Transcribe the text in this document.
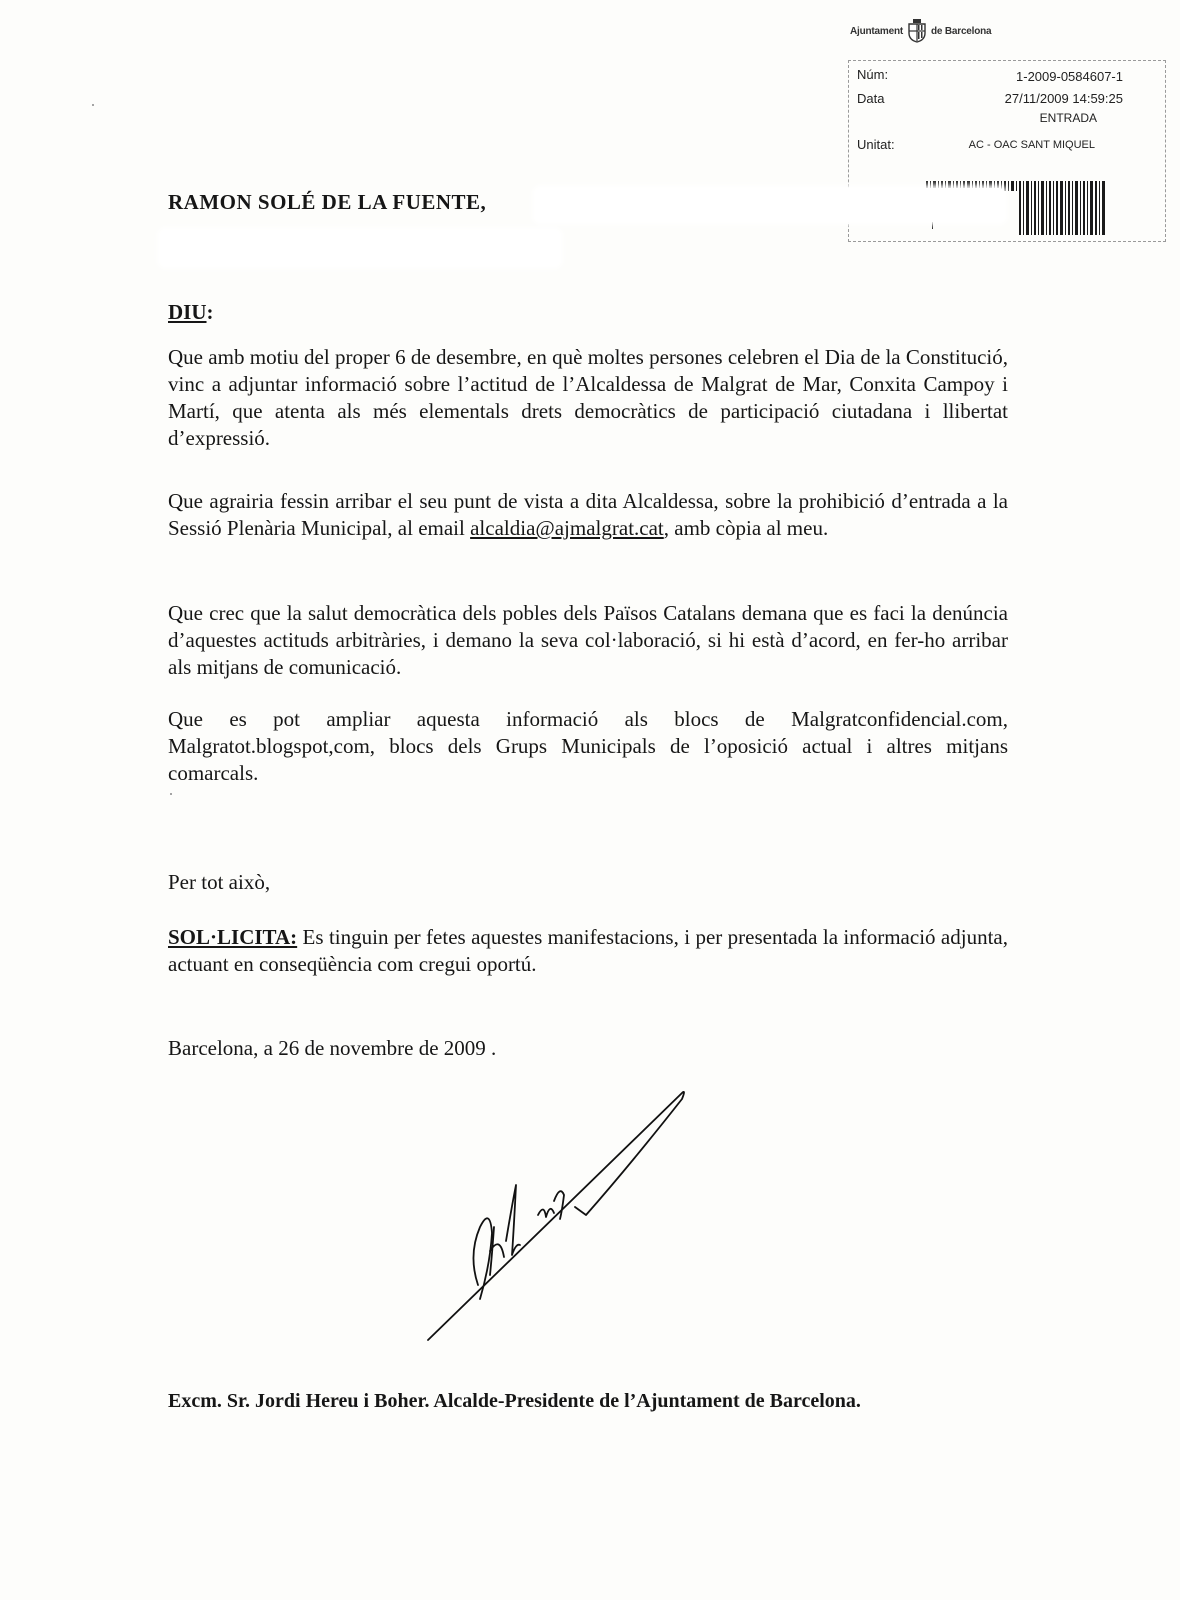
Ajuntament	de Barcelona
Núm:	1-2009-0584607-1
Data	27/11/2009 14:59:25
ENTRADA
Unitat:	AC - OAC SANT MIQUEL
RAMON SOLÉ DE LA FUENTE,
DIU:
Que amb motiu del proper 6 de desembre, en què moltes persones celebren el Dia de la Constitució, vinc a adjuntar informació sobre l’actitud de l’Alcaldessa de Malgrat de Mar, Conxita Campoy i Martí, que atenta als més elementals drets democràtics de participació ciutadana i llibertat d’expressió.
Que agrairia fessin arribar el seu punt de vista a dita Alcaldessa, sobre la prohibició d’entrada a la Sessió Plenària Municipal, al email alcaldia@ajmalgrat.cat, amb còpia al meu.
Que crec que la salut democràtica dels pobles dels Països Catalans demana que es faci la denúncia d’aquestes actituds arbitràries, i demano la seva col·laboració, si hi està d’acord, en fer-ho arribar als mitjans de comunicació.
Que es pot ampliar aquesta informació als blocs de Malgratconfidencial.com, Malgratot.blogspot,com, blocs dels Grups Municipals de l’oposició actual i altres mitjans comarcals.
Per tot això,
SOL·LICITA: Es tinguin per fetes aquestes manifestacions, i per presentada la informació adjunta, actuant en conseqüència com cregui oportú.
Barcelona, a 26 de novembre de 2009 .
Excm. Sr. Jordi Hereu i Boher. Alcalde-Presidente de l’Ajuntament de Barcelona.
